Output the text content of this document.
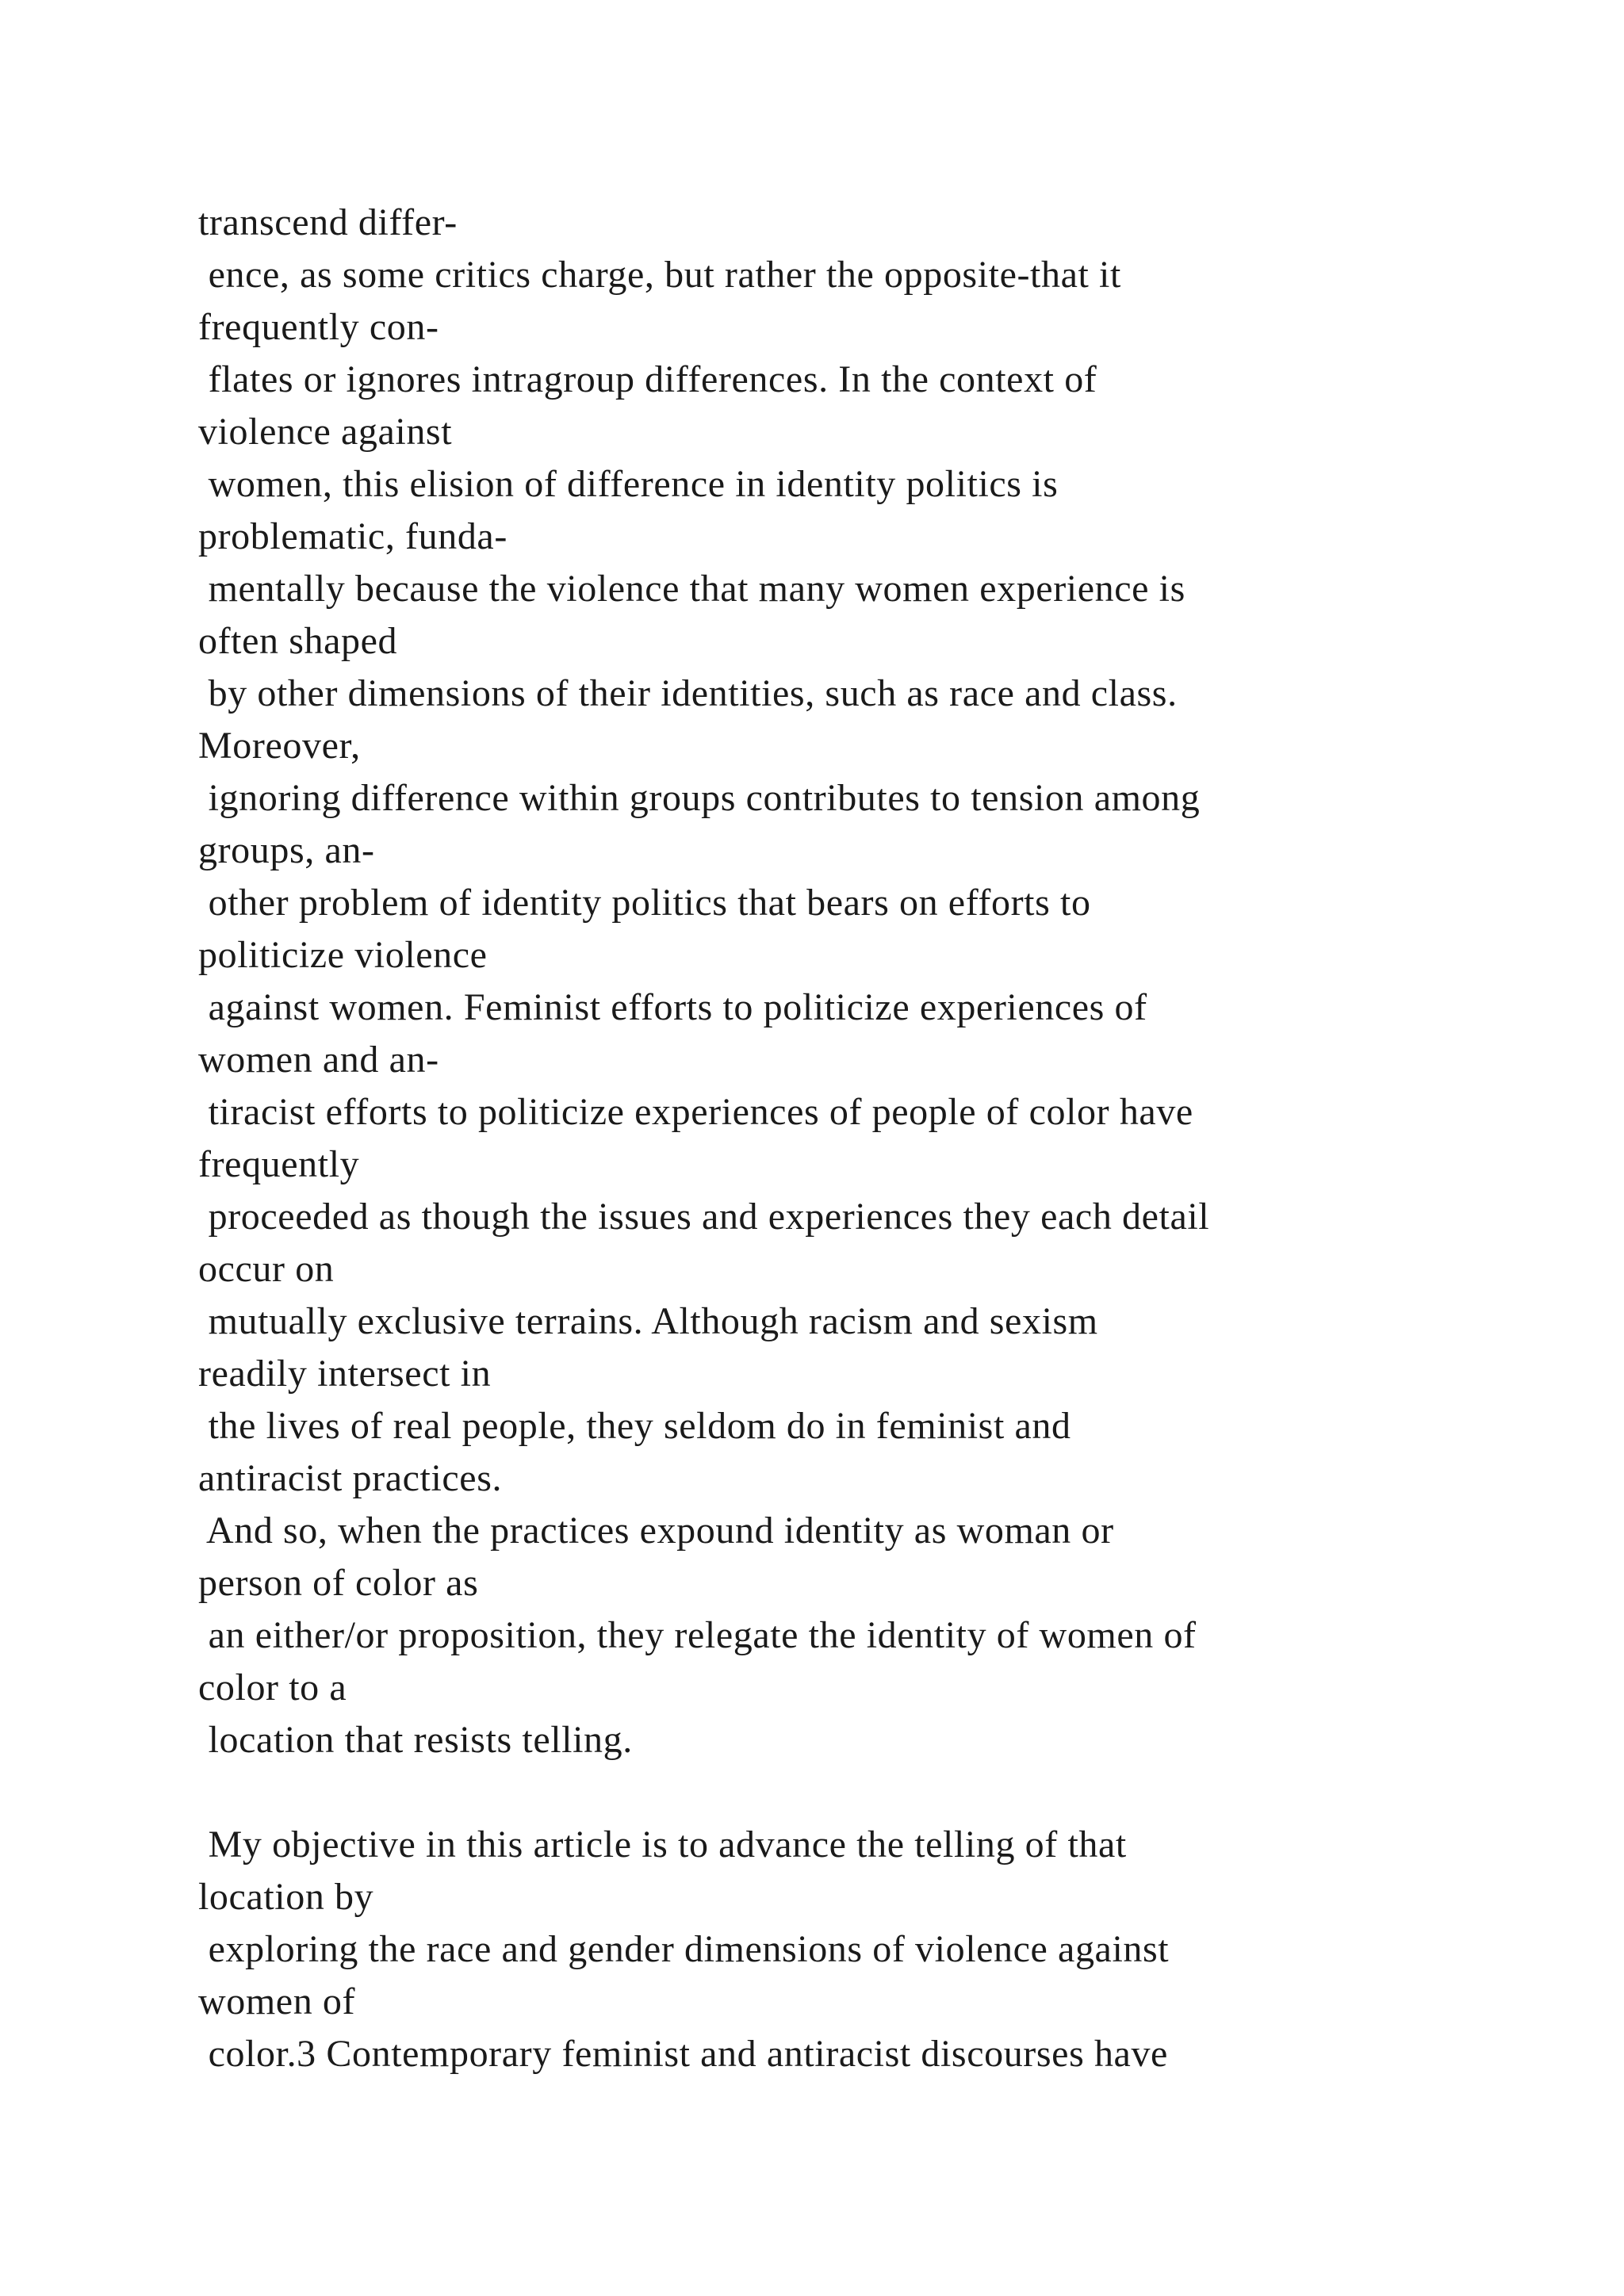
transcend differ-
ence, as some critics charge, but rather the opposite-that it
frequently con-
flates or ignores intragroup differences. In the context of
violence against
women, this elision of difference in identity politics is
problematic, funda-
mentally because the violence that many women experience is
often shaped
by other dimensions of their identities, such as race and class.
Moreover,
ignoring difference within groups contributes to tension among
groups, an-
other problem of identity politics that bears on efforts to
politicize violence
against women. Feminist efforts to politicize experiences of
women and an-
tiracist efforts to politicize experiences of people of color have
frequently
proceeded as though the issues and experiences they each detail
occur on
mutually exclusive terrains. Although racism and sexism
readily intersect in
the lives of real people, they seldom do in feminist and
antiracist practices.
And so, when the practices expound identity as woman or
person of color as
an either/or proposition, they relegate the identity of women of
color to a
location that resists telling.
My objective in this article is to advance the telling of that
location by
exploring the race and gender dimensions of violence against
women of
color.3 Contemporary feminist and antiracist discourses have
